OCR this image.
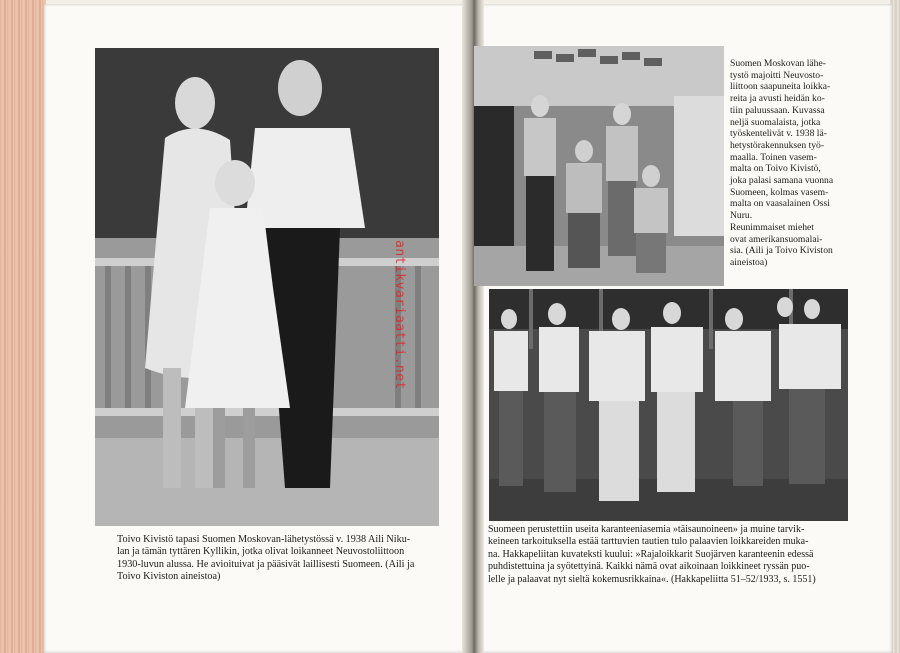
antikvariaatti.net
Toivo Kivistö tapasi Suomen Moskovan-lähetystössä v. 1938 Aili Niku-
lan ja tämän tyttären Kyllikin, jotka olivat loikanneet Neuvostoliittoon
1930-luvun alussa. He avioituivat ja pääsivät laillisesti Suomeen. (Aili ja
Toivo Kiviston aineistoa)
Suomen Moskovan lähe-
tystö majoitti Neuvosto-
liittoon saapuneita loikka-
reita ja avusti heidän ko-
tiin paluussaan. Kuvassa
neljä suomalaista, jotka
työskentelivät v. 1938 lä-
hetystörakennuksen työ-
maalla. Toinen vasem-
malta on Toivo Kivistö,
joka palasi samana vuonna
Suomeen, kolmas vasem-
malta on vaasalainen Ossi
Nuru.
Reunimmaiset miehet
ovat amerikansuomalai-
sia. (Aili ja Toivo Kiviston
aineistoa)
Suomeen perustettiin useita karanteeniasemia »täisaunoineen» ja muine tarvik-
keineen tarkoituksella estää tarttuvien tautien tulo palaavien loikkareiden muka-
na. Hakkapeliitan kuvateksti kuului: »Rajaloikkarit Suojärven karanteenin edessä
puhdistettuina ja syötettyinä. Kaikki nämä ovat aikoinaan loikkineet ryssän puo-
lelle ja palaavat nyt sieltä kokemusrikkaina«. (Hakkapeliitta 51–52/1933, s. 1551)
